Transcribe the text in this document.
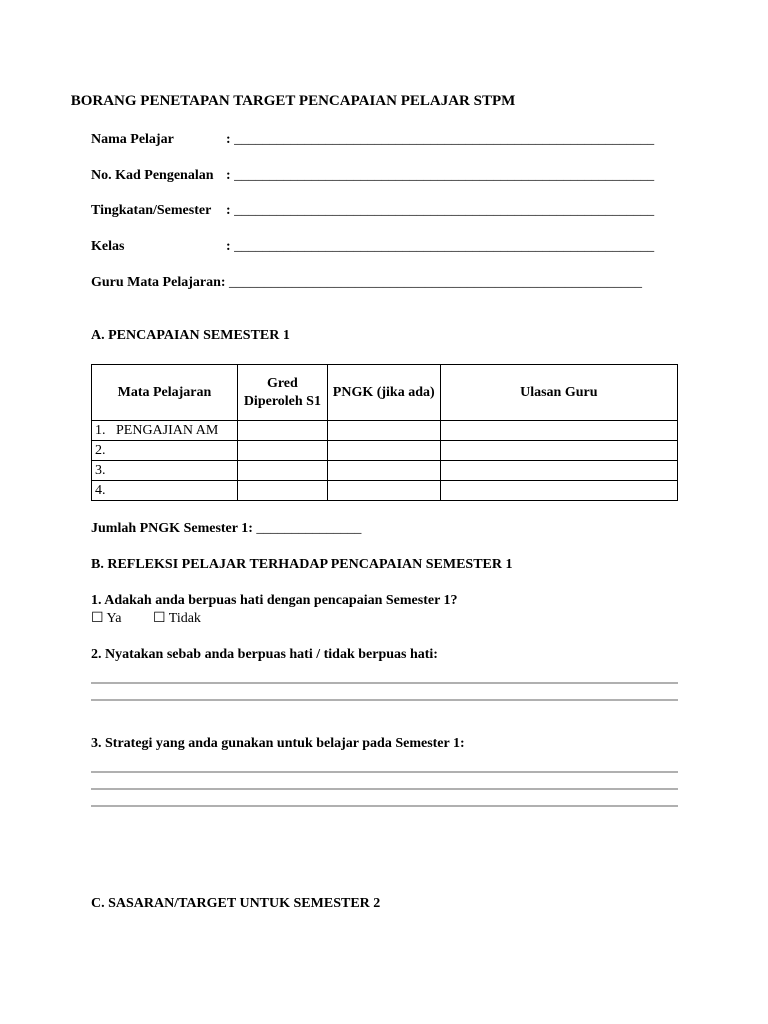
BORANG PENETAPAN TARGET PENCAPAIAN PELAJAR STPM
Nama Pelajar	: ____________________________________________________________
No. Kad Pengenalan : ____________________________________________________________
Tingkatan/Semester : ____________________________________________________________
Kelas	: ____________________________________________________________
Guru Mata Pelajaran: ___________________________________________________________
A. PENCAPAIAN SEMESTER 1
Mata Pelajaran	Gred Diperoleh S1	PNGK (jika ada)	Ulasan Guru
1.   PENGAJIAN AM			
2.			
3.			
4.			
Jumlah PNGK Semester 1: _______________
B. REFLEKSI PELAJAR TERHADAP PENCAPAIAN SEMESTER 1
1. Adakah anda berpuas hati dengan pencapaian Semester 1?
☐ Ya ☐ Tidak
2. Nyatakan sebab anda berpuas hati / tidak berpuas hati:
3. Strategi yang anda gunakan untuk belajar pada Semester 1:
C. SASARAN/TARGET UNTUK SEMESTER 2
